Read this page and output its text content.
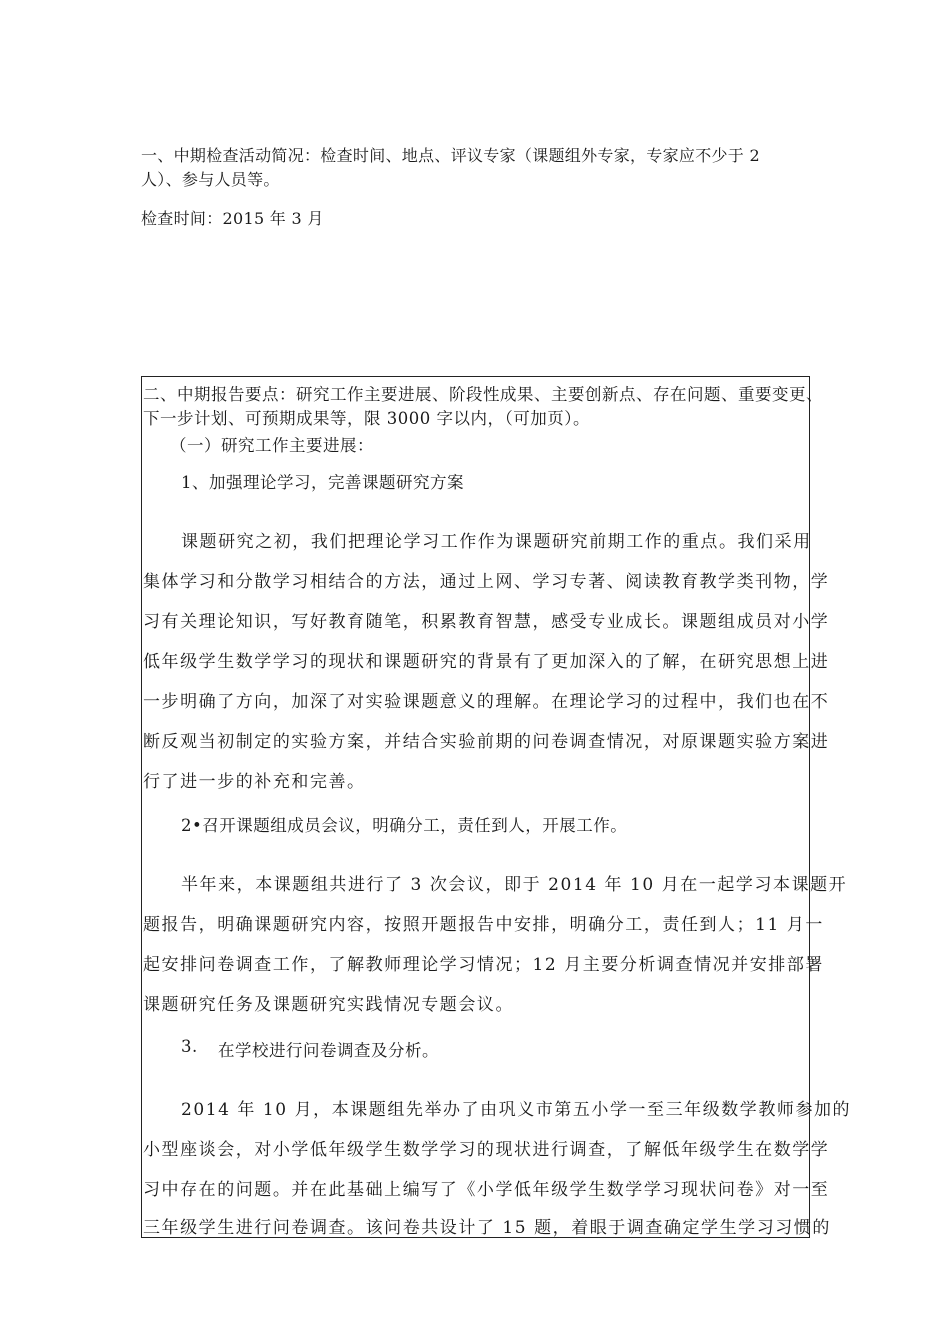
一、中期检查活动简况：检查时间、地点、评议专家（课题组外专家，专家应不少于 2
人）、参与人员等。
检查时间：2015 年 3 月
二、中期报告要点：研究工作主要进展、阶段性成果、主要创新点、存在问题、重要变更、
下一步计划、可预期成果等，限 3000 字以内，（可加页）。
（一）研究工作主要进展：
1、加强理论学习，完善课题研究方案
课题研究之初，我们把理论学习工作作为课题研究前期工作的重点。我们采用
集体学习和分散学习相结合的方法，通过上网、学习专著、阅读教育教学类刊物，学
习有关理论知识，写好教育随笔，积累教育智慧，感受专业成长。课题组成员对小学
低年级学生数学学习的现状和课题研究的背景有了更加深入的了解，在研究思想上进
一步明确了方向，加深了对实验课题意义的理解。在理论学习的过程中，我们也在不
断反观当初制定的实验方案，并结合实验前期的问卷调查情况，对原课题实验方案进
行了进一步的补充和完善。
2•召开课题组成员会议，明确分工，责任到人，开展工作。
半年来，本课题组共进行了 3 次会议，即于 2014 年 10 月在一起学习本课题开
题报告，明确课题研究内容，按照开题报告中安排，明确分工，责任到人；11 月一
起安排问卷调查工作，了解教师理论学习情况；12 月主要分析调查情况并安排部署
课题研究任务及课题研究实践情况专题会议。
3. 在学校进行问卷调查及分析。
2014 年 10 月，本课题组先举办了由巩义市第五小学一至三年级数学教师参加的
小型座谈会，对小学低年级学生数学学习的现状进行调查，了解低年级学生在数学学
习中存在的问题。并在此基础上编写了《小学低年级学生数学学习现状问卷》对一至
三年级学生进行问卷调查。该问卷共设计了 15 题，着眼于调查确定学生学习习惯的
